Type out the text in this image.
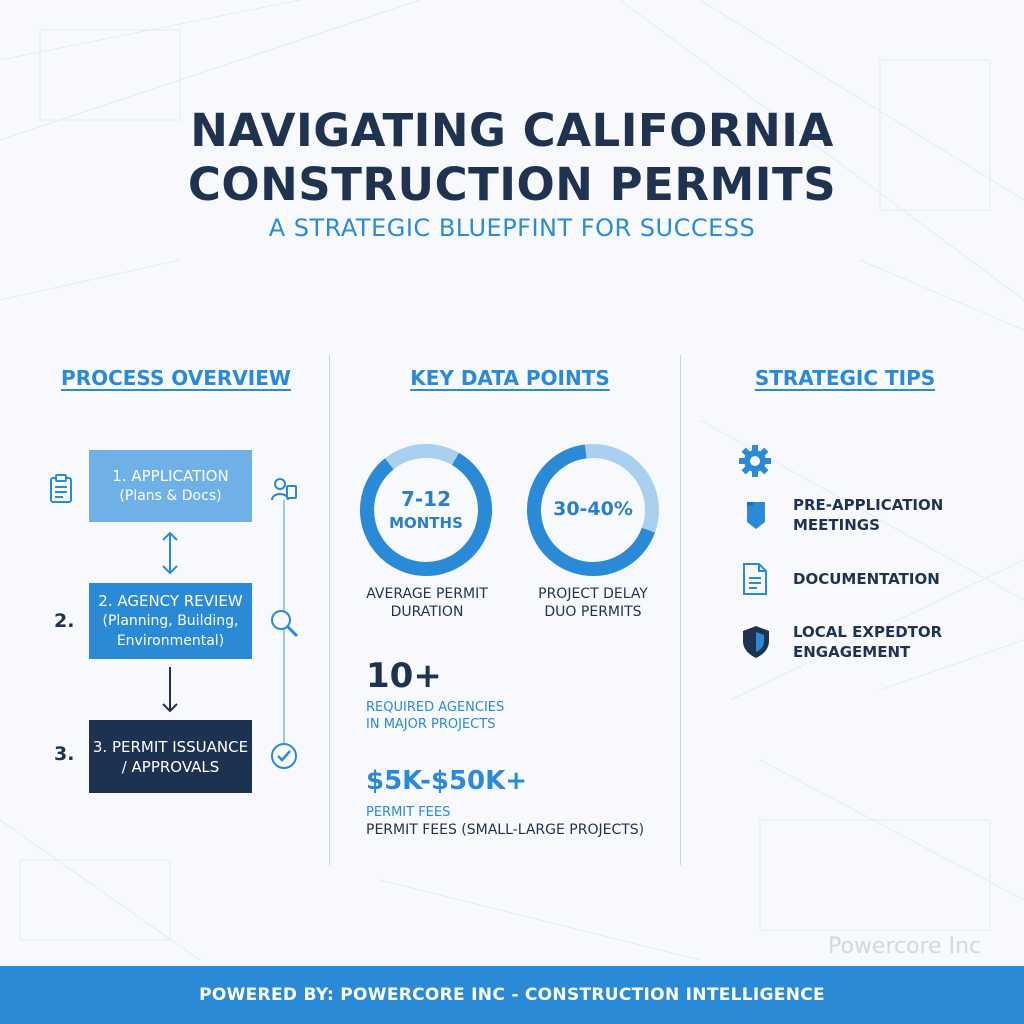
NAVIGATING CALIFORNIA
CONSTRUCTION PERMITS
A STRATEGIC BLUEPFINT FOR SUCCESS
PROCESS OVERVIEW
1. APPLICATION
(Plans & Docs)
2.
2. AGENCY REVIEW
(Planning, Building, Environmental)
3. 3. PERMIT ISSUANCE
/ APPROVALS
KEY DATA POINTS
7-12
MONTHS
AVERAGE PERMIT
DURATION
30-40%
PROJECT DELAY
DUO PERMITS
10+
REQUIRED AGENCIES
IN MAJOR PROJECTS
$5K-$50K+
PERMIT FEES
PERMIT FEES (SMALL-LARGE PROJECTS)
STRATEGIC TIPS
PRE-APPLICATION
MEETINGS
DOCUMENTATION
LOCAL EXPEDTOR
ENGAGEMENT
Powercore Inc
POWERED BY: POWERCORE INC - CONSTRUCTION INTELLIGENCE
